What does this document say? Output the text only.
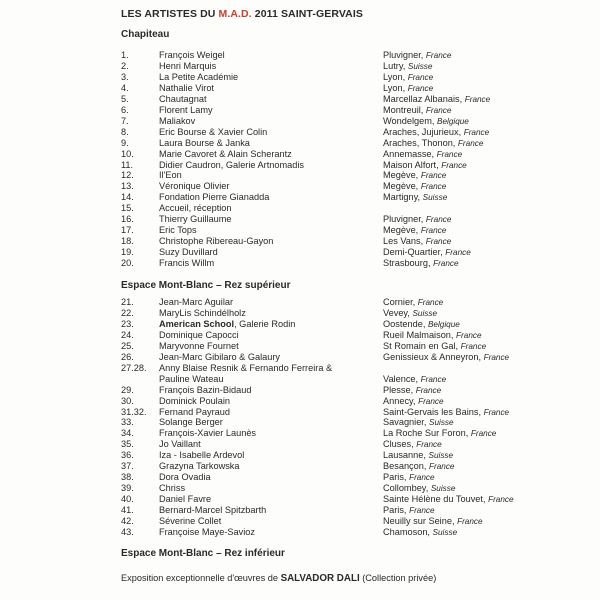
LES ARTISTES DU M.A.D. 2011 SAINT-GERVAIS
Chapiteau
1.	François Weigel	Pluvigner, France
2.	Henri Marquis	Lutry, Suisse
3.	La Petite Académie	Lyon, France
4.	Nathalie Virot	Lyon, France
5.	Chautagnat	Marcellaz Albanais, France
6.	Florent Lamy	Montreuil, France
7.	Maliakov	Wondelgem, Belgique
8.	Eric Bourse & Xavier Colin	Araches, Jujurieux, France
9.	Laura Bourse & Janka	Araches, Thonon, France
10.	Marie Cavoret & Alain Scherantz	Annemasse, France
11.	Didier Caudron, Galerie Artnomadis	Maison Alfort, France
12.	Il'Eon	Megève, France
13.	Véronique Olivier	Megève, France
14.	Fondation Pierre Gianadda	Martigny, Suisse
15.	Accueil, réception
16.	Thierry Guillaume	Pluvigner, France
17.	Eric Tops	Megève, France
18.	Christophe Ribereau-Gayon	Les Vans, France
19.	Suzy Duvillard	Demi-Quartier, France
20.	Francis Willm	Strasbourg, France
Espace Mont-Blanc – Rez supérieur
21.	Jean-Marc Aguilar	Cornier, France
22.	MaryLis Schindélholz	Vevey, Suisse
23.	American School, Galerie Rodin	Oostende, Belgique
24.	Dominique Capocci	Rueil Malmaison, France
25.	Maryvonne Fournet	St Romain en Gal, France
26.	Jean-Marc Gibilaro & Galaury	Genissieux & Anneyron, France
27.28. Anny Blaise Resnik & Fernando Ferreira &
Pauline Wateau	Valence, France
29.	François Bazin-Bidaud	Plesse, France
30.	Dominick Poulain	Annecy, France
31.32. Fernand Payraud	Saint-Gervais les Bains, France
33.	Solange Berger	Savagnier, Suisse
34.	François-Xavier Launès	La Roche Sur Foron, France
35.	Jo Vaillant	Cluses, France
36.	Iza - Isabelle Ardevol	Lausanne, Suisse
37.	Grazyna Tarkowska	Besançon, France
38.	Dora Ovadia	Paris, France
39.	Chriss	Collombey, Suisse
40.	Daniel Favre	Sainte Hélène du Touvet, France
41.	Bernard-Marcel Spitzbarth	Paris, France
42.	Séverine Collet	Neuilly sur Seine, France
43.	Françoise Maye-Savioz	Chamoson, Suisse
Espace Mont-Blanc – Rez inférieur
Exposition exceptionnelle d'œuvres de SALVADOR DALI (Collection privée)
